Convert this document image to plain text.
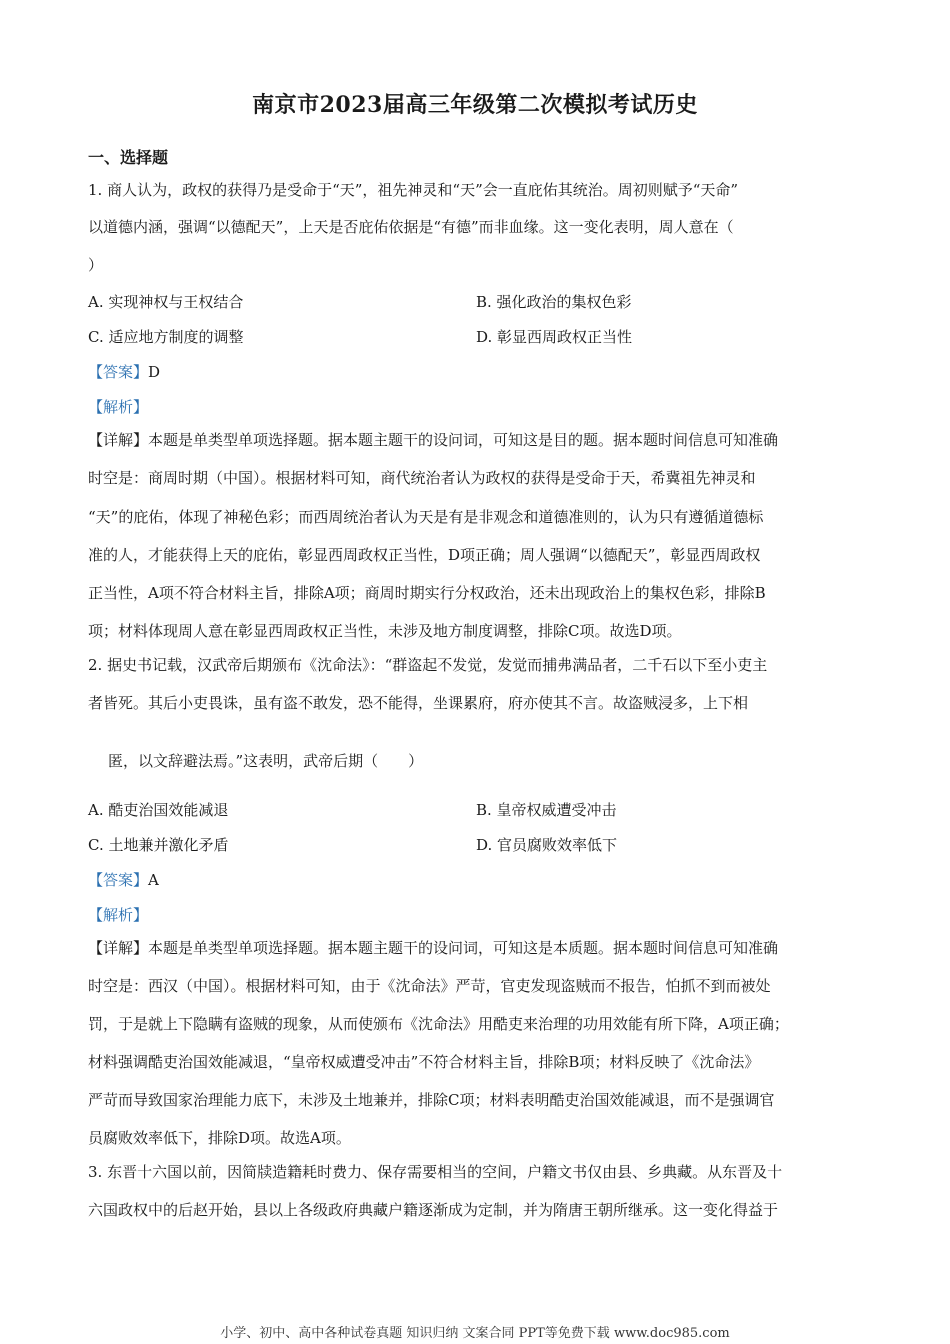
南京市2023届高三年级第二次模拟考试历史
一、选择题
1. 商人认为，政权的获得乃是受命于“天”，祖先神灵和“天”会一直庇佑其统治。周初则赋予“天命”
以道德内涵，强调“以德配天”，上天是否庇佑依据是“有德”而非血缘。这一变化表明，周人意在（
）
A. 实现神权与王权结合	B. 强化政治的集权色彩
C. 适应地方制度的调整	D. 彰显西周政权正当性
【答案】D
【解析】
【详解】本题是单类型单项选择题。据本题主题干的设问词，可知这是目的题。据本题时间信息可知准确
时空是：商周时期（中国）。根据材料可知，商代统治者认为政权的获得是受命于天，希冀祖先神灵和
“天”的庇佑，体现了神秘色彩；而西周统治者认为天是有是非观念和道德准则的，认为只有遵循道德标
准的人，才能获得上天的庇佑，彰显西周政权正当性，D项正确；周人强调“以德配天”，彰显西周政权
正当性，A项不符合材料主旨，排除A项；商周时期实行分权政治，还未出现政治上的集权色彩，排除B
项；材料体现周人意在彰显西周政权正当性，未涉及地方制度调整，排除C项。故选D项。
2. 据史书记载，汉武帝后期颁布《沈命法》：“群盗起不发觉，发觉而捕弗满品者，二千石以下至小吏主
者皆死。其后小吏畏诛，虽有盗不敢发，恐不能得，坐课累府，府亦使其不言。故盗贼浸多，上下相
匿，以文辞避法焉。”这表明，武帝后期（　　）
A. 酷吏治国效能减退	B. 皇帝权威遭受冲击
C. 土地兼并激化矛盾	D. 官员腐败效率低下
【答案】A
【解析】
【详解】本题是单类型单项选择题。据本题主题干的设问词，可知这是本质题。据本题时间信息可知准确
时空是：西汉（中国）。根据材料可知，由于《沈命法》严苛，官吏发现盗贼而不报告，怕抓不到而被处
罚，于是就上下隐瞒有盗贼的现象，从而使颁布《沈命法》用酷吏来治理的功用效能有所下降，A项正确；
材料强调酷吏治国效能减退，“皇帝权威遭受冲击”不符合材料主旨，排除B项；材料反映了《沈命法》
严苛而导致国家治理能力底下，未涉及土地兼并，排除C项；材料表明酷吏治国效能减退，而不是强调官
员腐败效率低下，排除D项。故选A项。
3. 东晋十六国以前，因简牍造籍耗时费力、保存需要相当的空间，户籍文书仅由县、乡典藏。从东晋及十
六国政权中的后赵开始，县以上各级政府典藏户籍逐渐成为定制，并为隋唐王朝所继承。这一变化得益于
小学、初中、高中各种试卷真题 知识归纳 文案合同 PPT等免费下载 www.doc985.com
